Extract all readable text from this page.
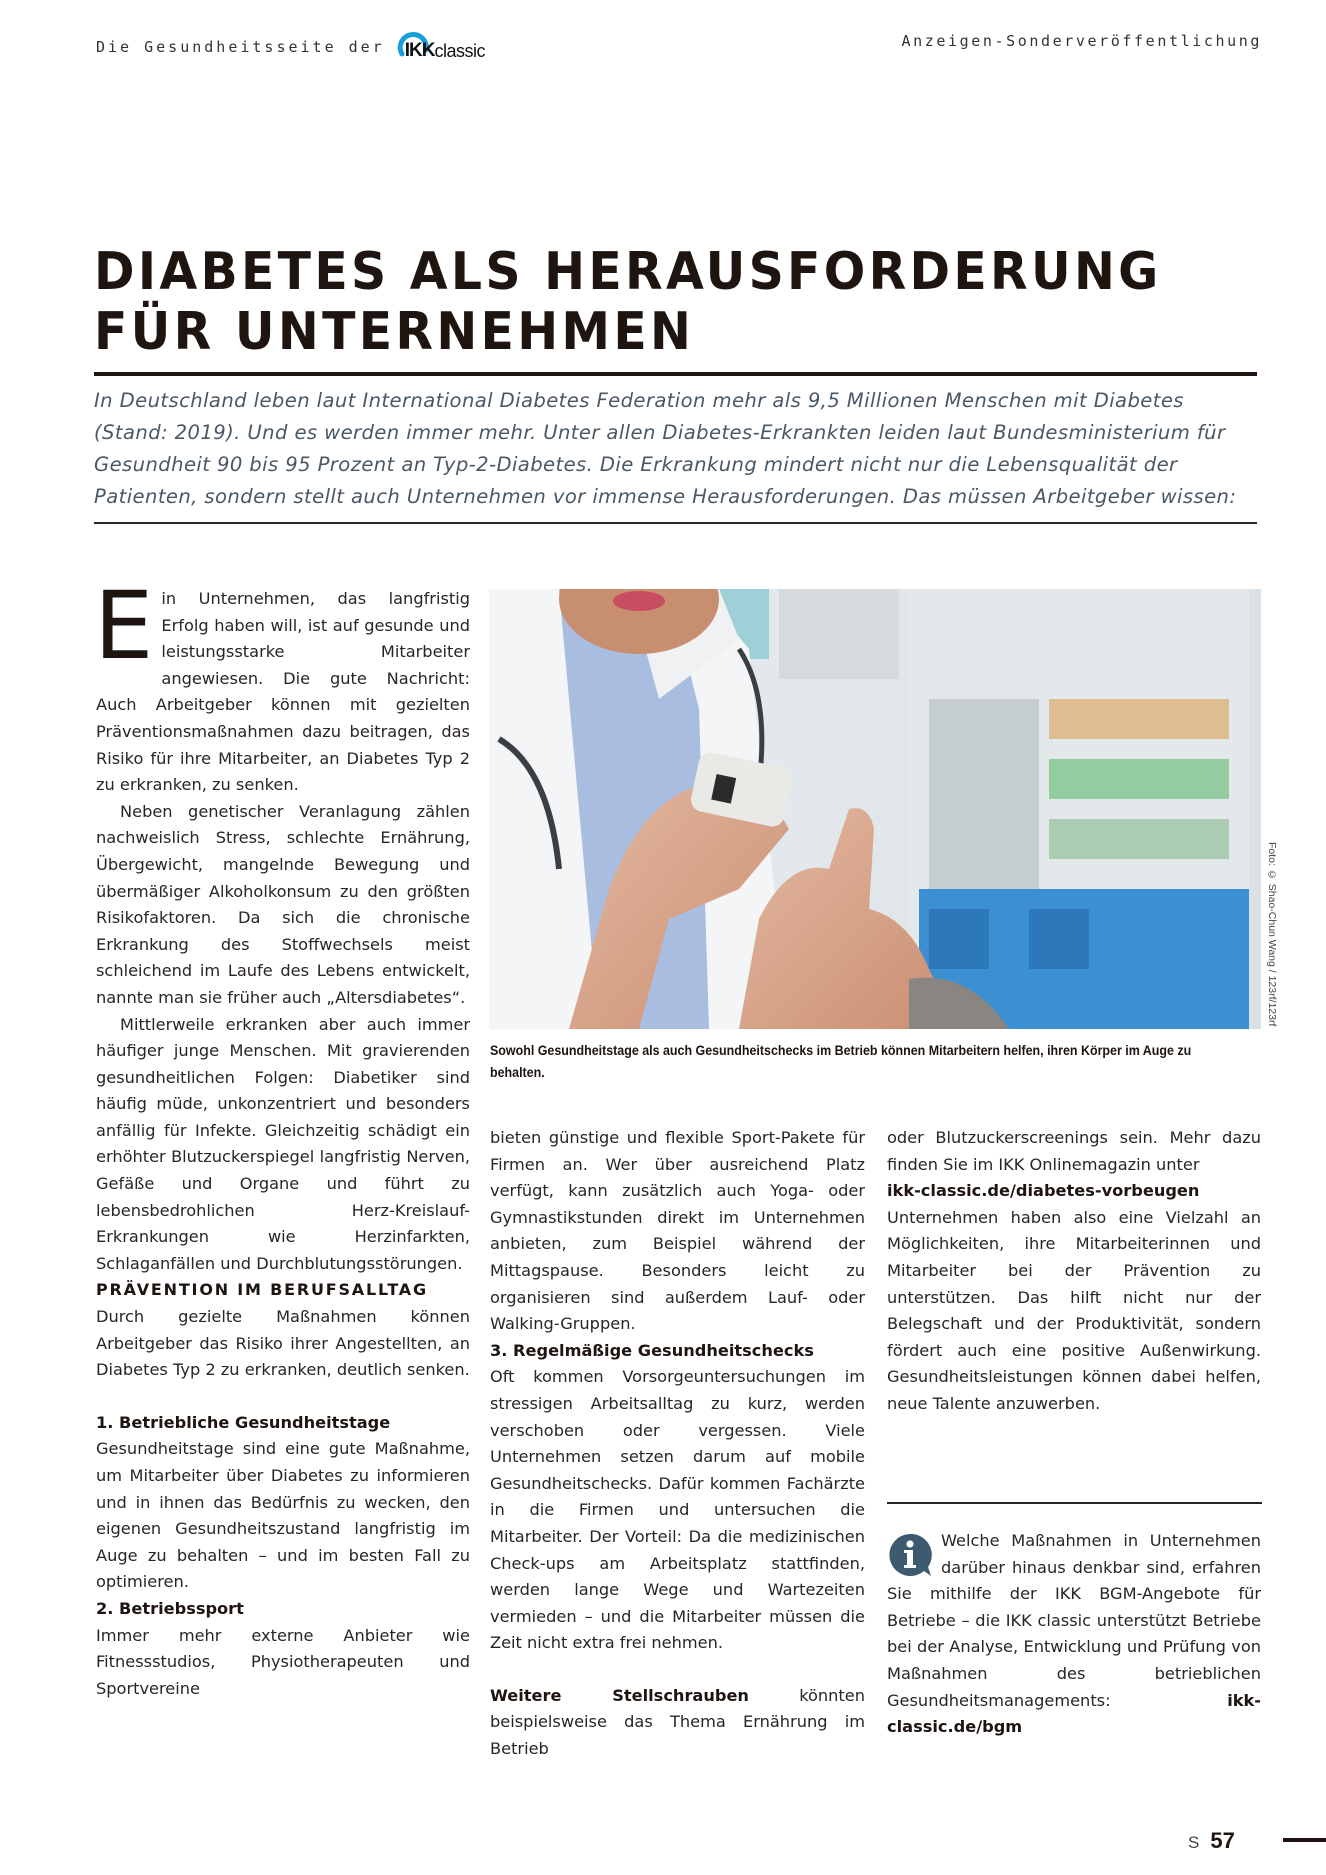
Die Gesundheitsseite der IKK classic	Anzeigen-Sonderveröffentlichung
DIABETES ALS HERAUSFORDERUNG
FÜR UNTERNEHMEN

In Deutschland leben laut International Diabetes Federation mehr als 9,5 Millionen Menschen mit Diabetes (Stand: 2019). Und es werden immer mehr. Unter allen Diabetes-Erkrankten leiden laut Bundesministerium für Gesundheit 90 bis 95 Prozent an Typ-2-Diabetes. Die Erkrankung mindert nicht nur die Lebensqualität der Patienten, sondern stellt auch Unternehmen vor immense Herausforderungen. Das müssen Arbeitgeber wissen:

Ein Unternehmen, das langfristig Erfolg haben will, ist auf gesunde und leistungsstarke Mitarbeiter angewiesen. Die gute Nachricht: Auch Arbeitgeber können mit gezielten Präventionsmaßnahmen dazu beitragen, das Risiko für ihre Mitarbeiter, an Diabetes Typ 2 zu erkranken, zu senken.

Neben genetischer Veranlagung zählen nachweislich Stress, schlechte Ernährung, Übergewicht, mangelnde Bewegung und übermäßiger Alkoholkonsum zu den größten Risikofaktoren. Da sich die chronische Erkrankung des Stoffwechsels meist schleichend im Laufe des Lebens entwickelt, nannte man sie früher auch „Altersdiabetes“.

Mittlerweile erkranken aber auch immer häufiger junge Menschen. Mit gravierenden gesundheitlichen Folgen: Diabetiker sind häufig müde, unkonzentriert und besonders anfällig für Infekte. Gleichzeitig schädigt ein erhöhter Blutzuckerspiegel langfristig Nerven, Gefäße und Organe und führt zu lebensbedrohlichen Herz-Kreislauf-Erkrankungen wie Herzinfarkten, Schlaganfällen und Durchblutungsstörungen.

PRÄVENTION IM BERUFSALLTAG

Durch gezielte Maßnahmen können Arbeitgeber das Risiko ihrer Angestellten, an Diabetes Typ 2 zu erkranken, deutlich senken.

1. Betriebliche Gesundheitstage

Gesundheitstage sind eine gute Maßnahme, um Mitarbeiter über Diabetes zu informieren und in ihnen das Bedürfnis zu wecken, den eigenen Gesundheitszustand langfristig im Auge zu behalten – und im besten Fall zu optimieren.

2. Betriebssport

Immer mehr externe Anbieter wie Fitnessstudios, Physiotherapeuten und Sportvereine

Foto: © Shao-Chun Wang / 123rf/123rf

Sowohl Gesundheitstage als auch Gesundheitschecks im Betrieb können Mitarbeitern helfen, ihren Körper im Auge zu behalten.

bieten günstige und flexible Sport-Pakete für Firmen an. Wer über ausreichend Platz verfügt, kann zusätzlich auch Yoga- oder Gymnastikstunden direkt im Unternehmen anbieten, zum Beispiel während der Mittagspause. Besonders leicht zu organisieren sind außerdem Lauf- oder Walking-Gruppen.

3. Regelmäßige Gesundheitschecks

Oft kommen Vorsorgeuntersuchungen im stressigen Arbeitsalltag zu kurz, werden verschoben oder vergessen. Viele Unternehmen setzen darum auf mobile Gesundheitschecks. Dafür kommen Fachärzte in die Firmen und untersuchen die Mitarbeiter. Der Vorteil: Da die medizinischen Check-ups am Arbeitsplatz stattfinden, werden lange Wege und Wartezeiten vermieden – und die Mitarbeiter müssen die Zeit nicht extra frei nehmen.

Weitere Stellschrauben könnten beispielsweise das Thema Ernährung im Betrieb

oder Blutzuckerscreenings sein. Mehr dazu finden Sie im IKK Onlinemagazin unter

ikk-classic.de/diabetes-vorbeugen

Unternehmen haben also eine Vielzahl an Möglichkeiten, ihre Mitarbeiterinnen und Mitarbeiter bei der Prävention zu unterstützen. Das hilft nicht nur der Belegschaft und der Produktivität, sondern fördert auch eine positive Außenwirkung. Gesundheitsleistungen können dabei helfen, neue Talente anzuwerben.

Welche Maßnahmen in Unternehmen darüber hinaus denkbar sind, erfahren Sie mithilfe der IKK BGM-Angebote für Betriebe – die IKK classic unterstützt Betriebe bei der Analyse, Entwicklung und Prüfung von Maßnahmen des betrieblichen Gesundheitsmanagements: ikk-classic.de/bgm
S 57
